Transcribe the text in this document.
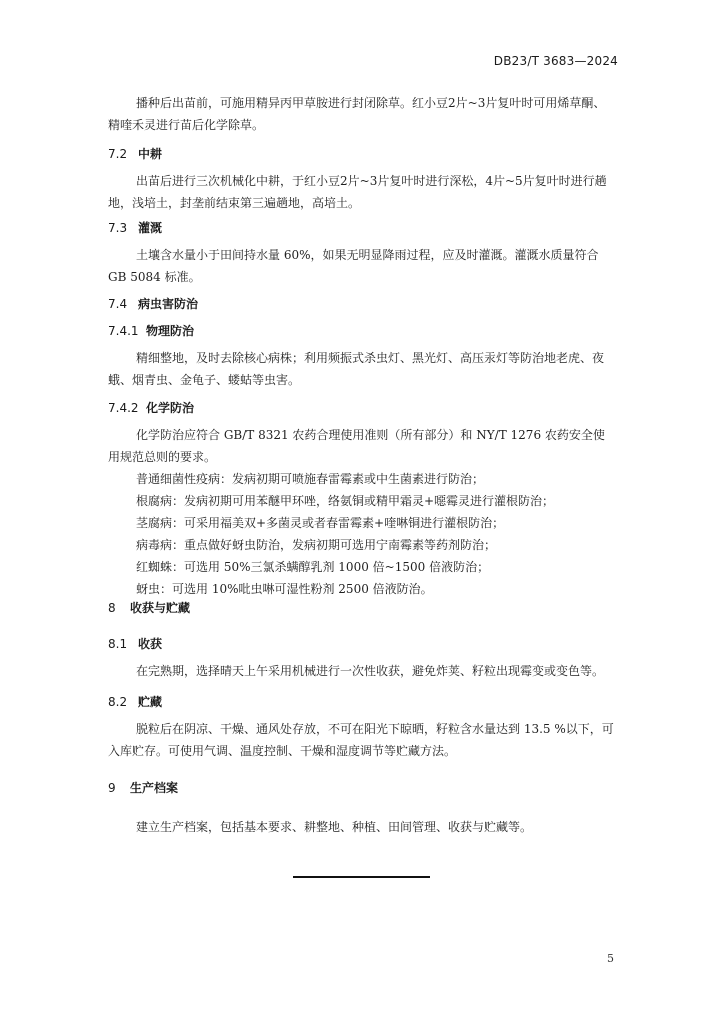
DB23/T 3683—2024
播种后出苗前，可施用精异丙甲草胺进行封闭除草。红小豆2片~3片复叶时可用烯草酮、精喹禾灵进行苗后化学除草。
7.2 中耕
出苗后进行三次机械化中耕，于红小豆2片~3片复叶时进行深松，4片~5片复叶时进行趟地，浅培土，封垄前结束第三遍趟地，高培土。
7.3 灌溉
土壤含水量小于田间持水量 60%，如果无明显降雨过程，应及时灌溉。灌溉水质量符合 GB 5084 标准。
7.4 病虫害防治
7.4.1 物理防治
精细整地，及时去除核心病株；利用频振式杀虫灯、黑光灯、高压汞灯等防治地老虎、夜蛾、烟青虫、金龟子、蝼蛄等虫害。
7.4.2 化学防治
化学防治应符合 GB/T 8321 农药合理使用准则（所有部分）和 NY/T 1276 农药安全使用规范总则的要求。
普通细菌性疫病：发病初期可喷施春雷霉素或中生菌素进行防治；
根腐病：发病初期可用苯醚甲环唑，络氨铜或精甲霜灵+噁霉灵进行灌根防治；
茎腐病：可采用福美双+多菌灵或者春雷霉素+喹啉铜进行灌根防治；
病毒病：重点做好蚜虫防治，发病初期可选用宁南霉素等药剂防治；
红蜘蛛：可选用 50%三氯杀螨醇乳剂 1000 倍~1500 倍液防治；
蚜虫：可选用 10%吡虫啉可湿性粉剂 2500 倍液防治。
8 收获与贮藏
8.1 收获
在完熟期，选择晴天上午采用机械进行一次性收获，避免炸荚、籽粒出现霉变或变色等。
8.2 贮藏
脱粒后在阴凉、干燥、通风处存放，不可在阳光下晾晒，籽粒含水量达到 13.5 %以下，可入库贮存。可使用气调、温度控制、干燥和湿度调节等贮藏方法。
9 生产档案
建立生产档案，包括基本要求、耕整地、种植、田间管理、收获与贮藏等。
5
